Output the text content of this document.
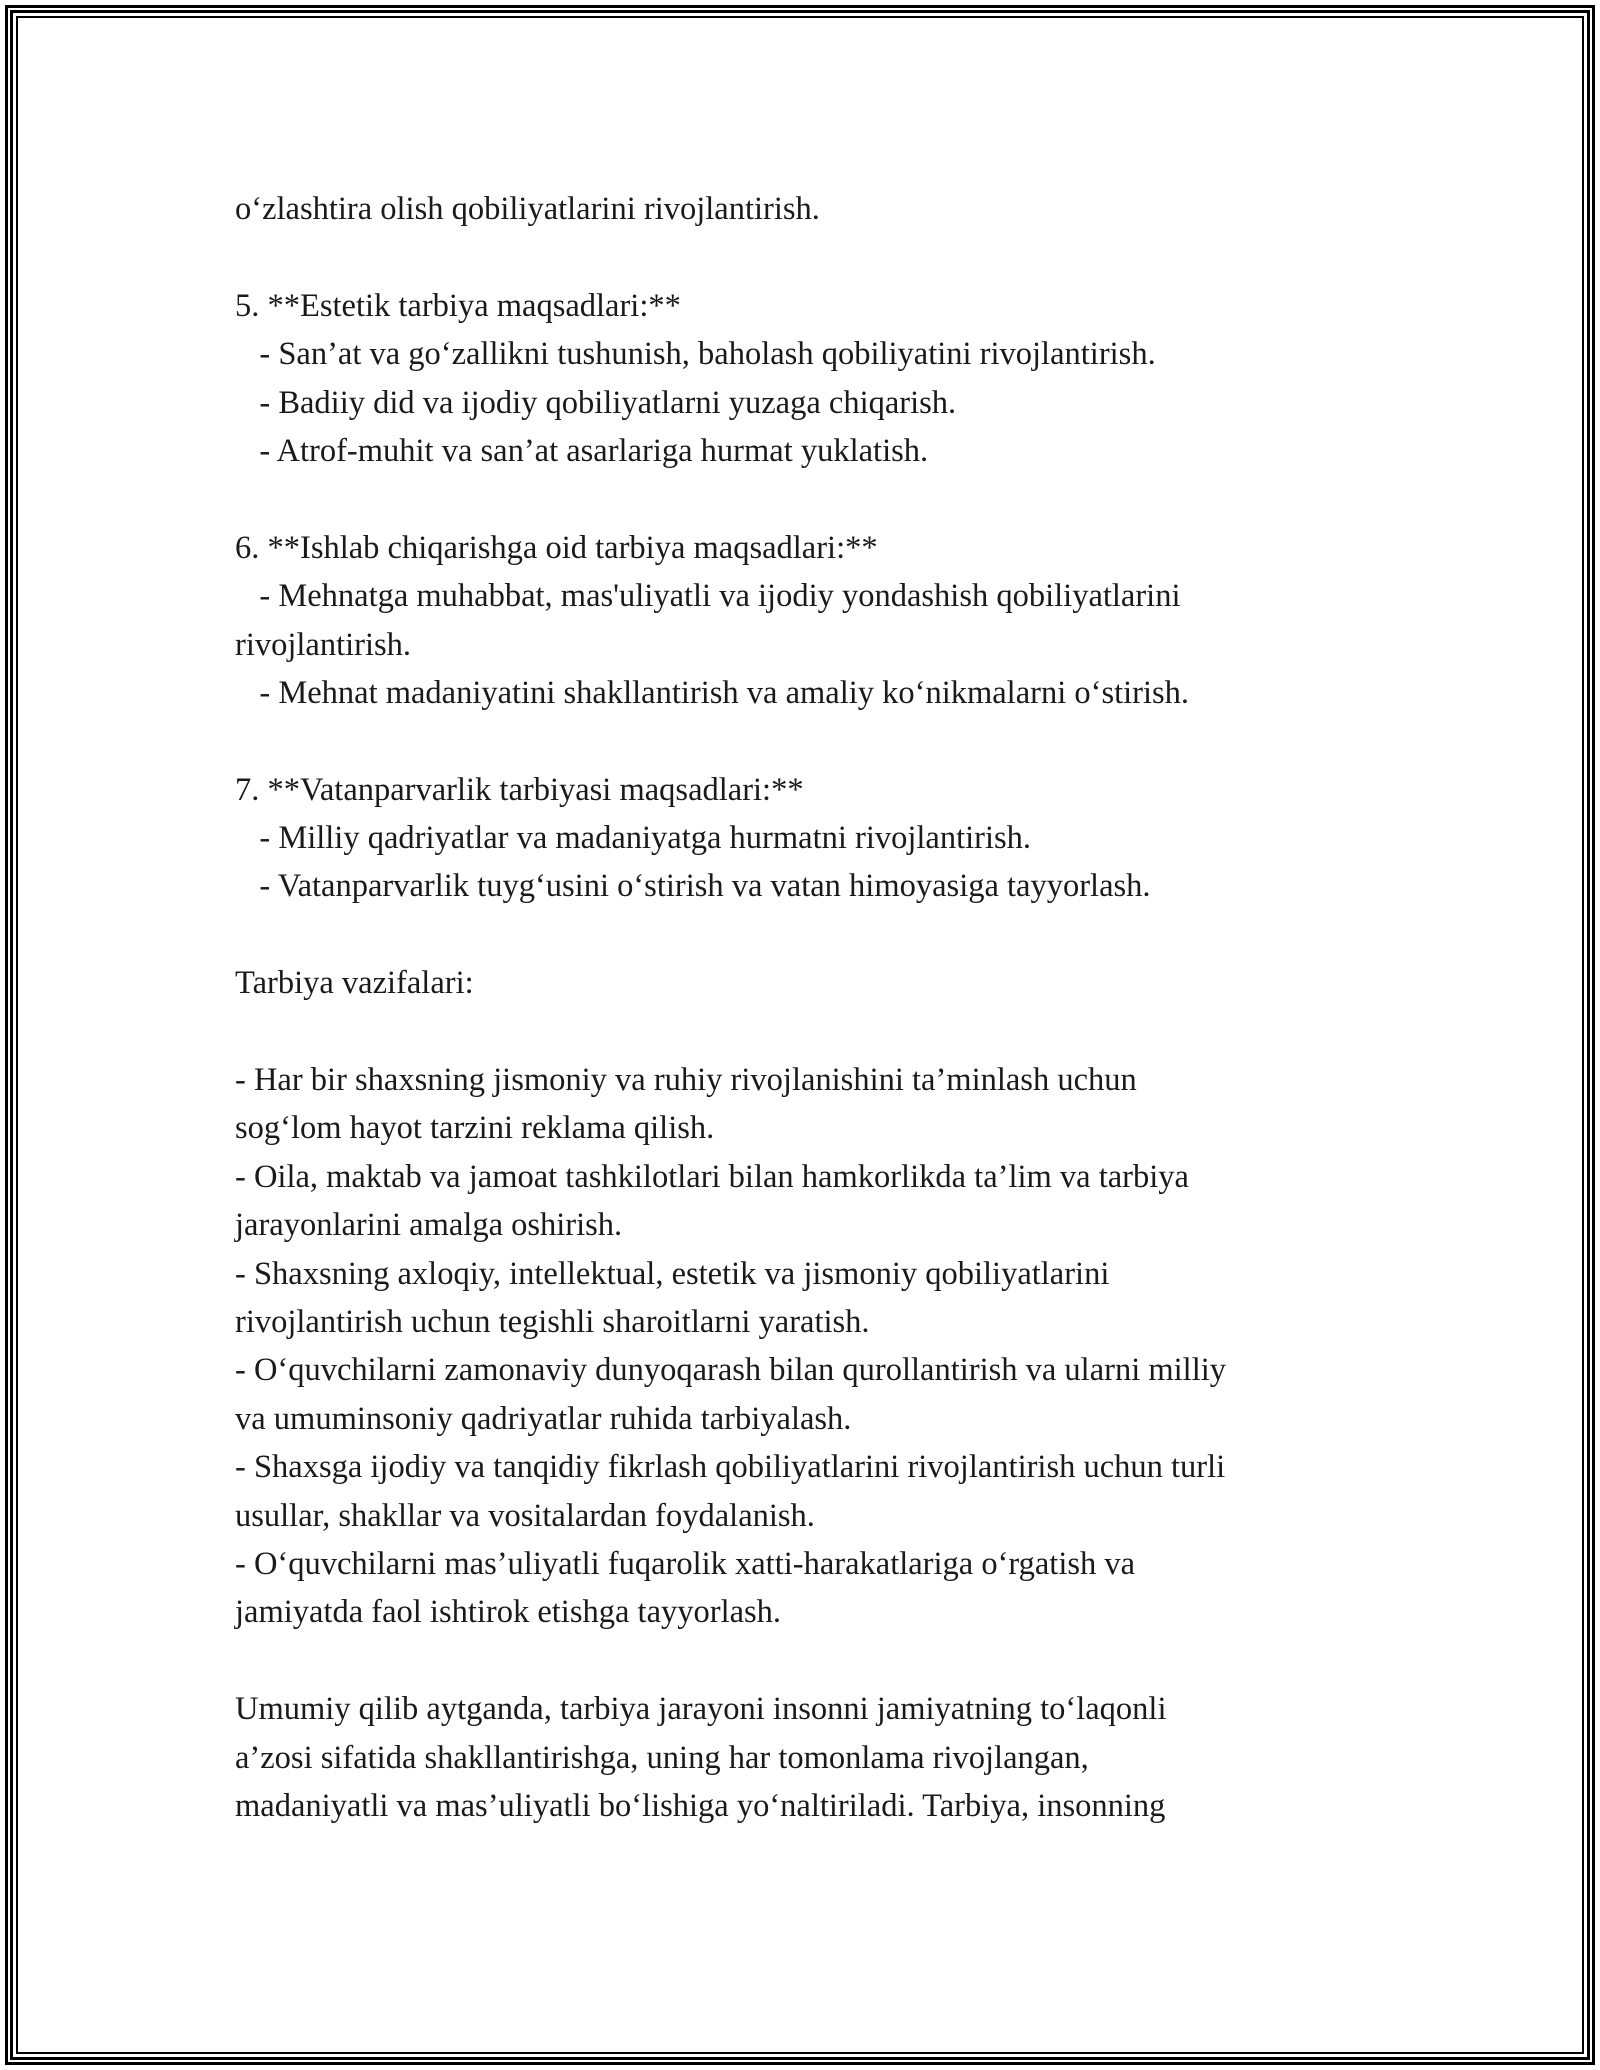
o‘zlashtira olish qobiliyatlarini rivojlantirish.
5. **Estetik tarbiya maqsadlari:**
- San’at va go‘zallikni tushunish, baholash qobiliyatini rivojlantirish.
- Badiiy did va ijodiy qobiliyatlarni yuzaga chiqarish.
- Atrof-muhit va san’at asarlariga hurmat yuklatish.
6. **Ishlab chiqarishga oid tarbiya maqsadlari:**
- Mehnatga muhabbat, mas'uliyatli va ijodiy yondashish qobiliyatlarini
rivojlantirish.
- Mehnat madaniyatini shakllantirish va amaliy ko‘nikmalarni o‘stirish.
7. **Vatanparvarlik tarbiyasi maqsadlari:**
- Milliy qadriyatlar va madaniyatga hurmatni rivojlantirish.
- Vatanparvarlik tuyg‘usini o‘stirish va vatan himoyasiga tayyorlash.
Tarbiya vazifalari:
- Har bir shaxsning jismoniy va ruhiy rivojlanishini ta’minlash uchun
sog‘lom hayot tarzini reklama qilish.
- Oila, maktab va jamoat tashkilotlari bilan hamkorlikda ta’lim va tarbiya
jarayonlarini amalga oshirish.
- Shaxsning axloqiy, intellektual, estetik va jismoniy qobiliyatlarini
rivojlantirish uchun tegishli sharoitlarni yaratish.
- O‘quvchilarni zamonaviy dunyoqarash bilan qurollantirish va ularni milliy
va umuminsoniy qadriyatlar ruhida tarbiyalash.
- Shaxsga ijodiy va tanqidiy fikrlash qobiliyatlarini rivojlantirish uchun turli
usullar, shakllar va vositalardan foydalanish.
- O‘quvchilarni mas’uliyatli fuqarolik xatti-harakatlariga o‘rgatish va
jamiyatda faol ishtirok etishga tayyorlash.
Umumiy qilib aytganda, tarbiya jarayoni insonni jamiyatning to‘laqonli
a’zosi sifatida shakllantirishga, uning har tomonlama rivojlangan,
madaniyatli va mas’uliyatli bo‘lishiga yo‘naltiriladi. Tarbiya, insonning
